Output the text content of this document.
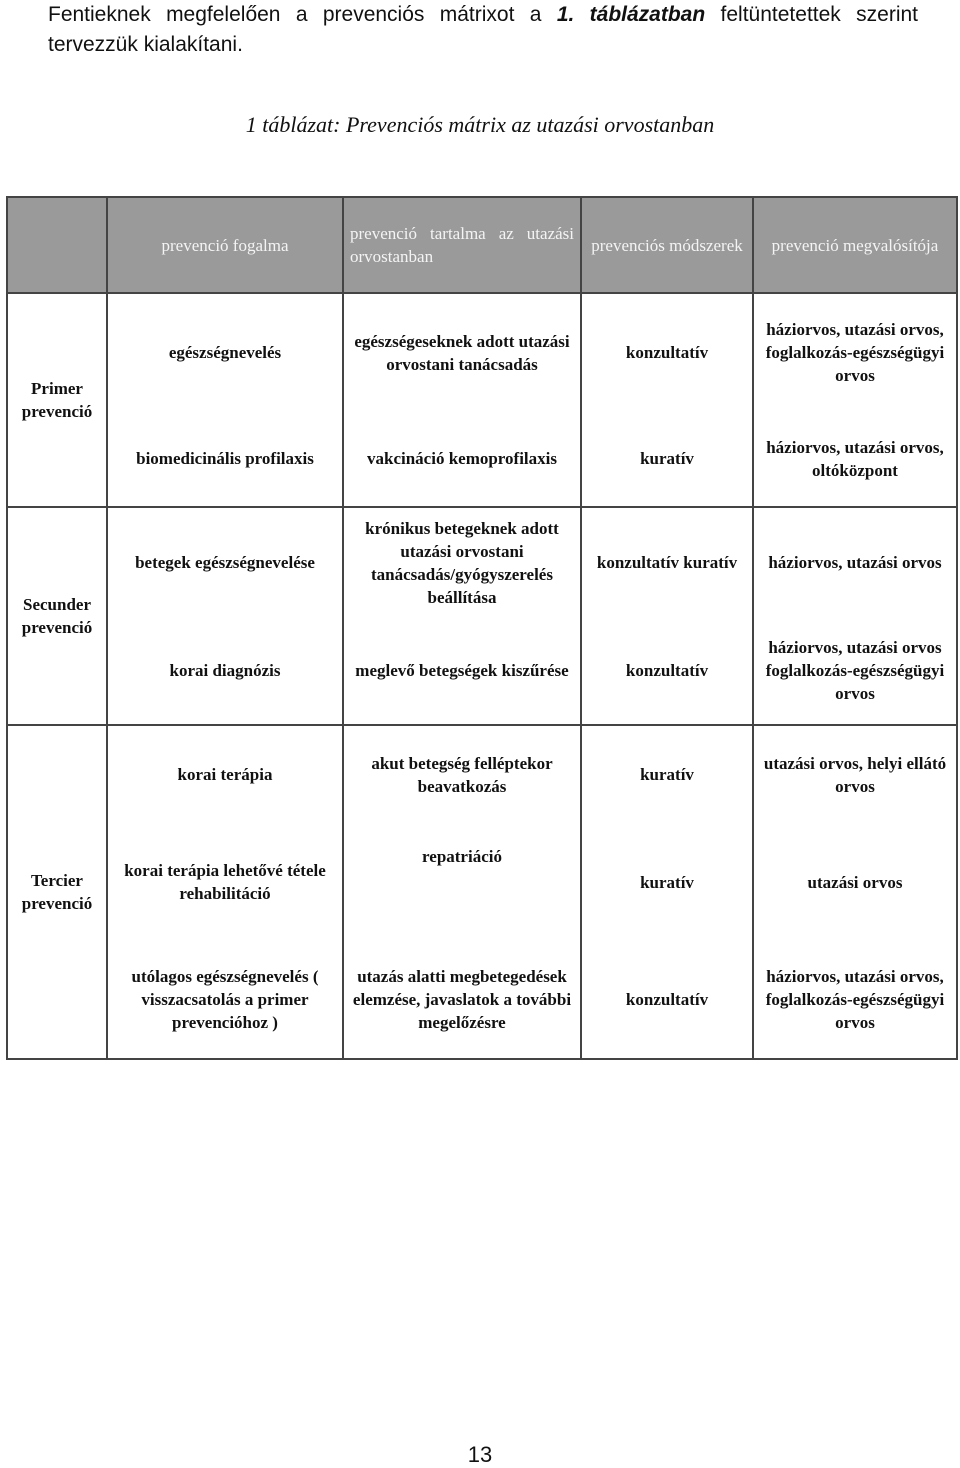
Fentieknek megfelelően a prevenciós mátrixot a 1. táblázatban feltüntetettek szerint
tervezzük kialakítani.
1 táblázat: Prevenciós mátrix az utazási orvostanban
	prevenció fogalma	prevenció tartalma az utazási orvostanban	prevenciós módszerek	prevenció megvalósítója
Primer prevenció	egészségnevelés	egészségeseknek adott utazási orvostani tanácsadás	konzultatív	háziorvos, utazási orvos, foglalkozás-egészségügyi orvos
	biomedicinális profilaxis	vakcináció kemoprofilaxis	kuratív	háziorvos, utazási orvos, oltóközpont
Secunder prevenció	betegek egészségnevelése	krónikus betegeknek adott utazási orvostani tanácsadás/gyógyszerelés beállítása	konzultatív kuratív	háziorvos, utazási orvos
	korai diagnózis	meglevő betegségek kiszűrése	konzultatív	háziorvos, utazási orvos foglalkozás-egészségügyi orvos
Tercier prevenció	korai terápia	akut betegség felléptekor beavatkozás	kuratív	utazási orvos, helyi ellátó orvos
	korai terápia lehetővé tétele rehabilitáció	repatriáció	kuratív	utazási orvos
	utólagos egészségnevelés ( visszacsatolás a primer prevencióhoz )	utazás alatti megbetegedések elemzése, javaslatok a további megelőzésre	konzultatív	háziorvos, utazási orvos, foglalkozás-egészségügyi orvos
13
